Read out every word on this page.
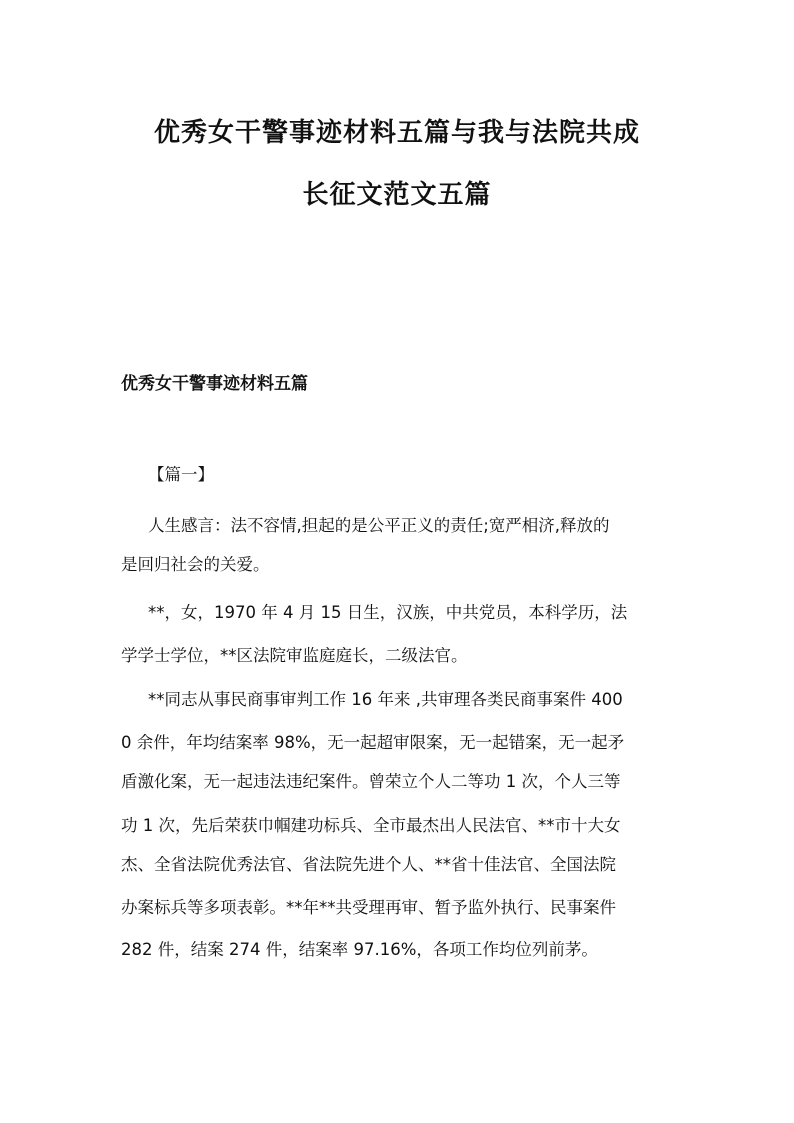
优秀女干警事迹材料五篇与我与法院共成
长征文范文五篇
优秀女干警事迹材料五篇
【篇一】
人生感言：法不容情,担起的是公平正义的责任;宽严相济,释放的
是回归社会的关爱。
**，女，1970 年 4 月 15 日生，汉族，中共党员，本科学历，法
学学士学位，**区法院审监庭庭长，二级法官。
**同志从事民商事审判工作 16 年来 ,共审理各类民商事案件 400
0 余件，年均结案率 98%，无一起超审限案，无一起错案，无一起矛
盾激化案，无一起违法违纪案件。曾荣立个人二等功 1 次，个人三等
功 1 次，先后荣获巾帼建功标兵、全市最杰出人民法官、**市十大女
杰、全省法院优秀法官、省法院先进个人、**省十佳法官、全国法院
办案标兵等多项表彰。**年**共受理再审、暂予监外执行、民事案件
282 件，结案 274 件，结案率 97.16%，各项工作均位列前茅。
